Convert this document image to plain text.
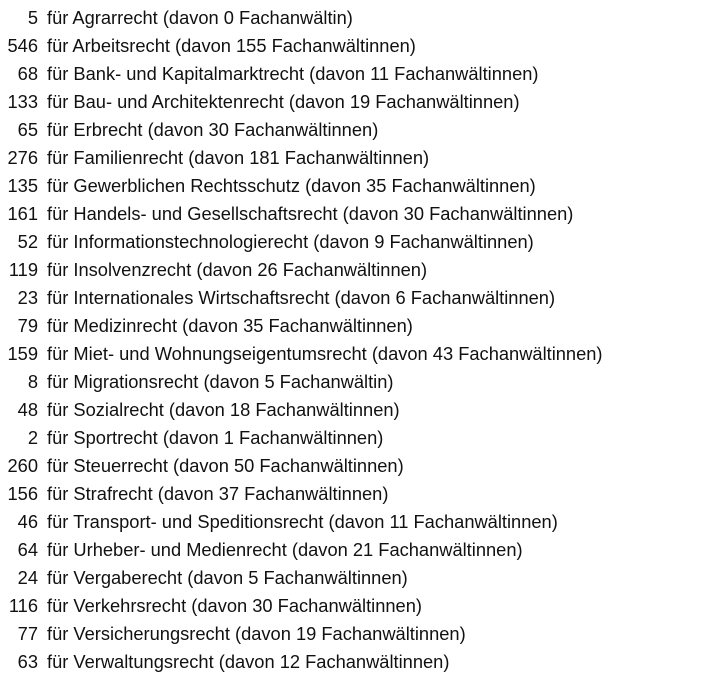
5 für Agrarrecht (davon 0 Fachanwältin)
546 für Arbeitsrecht (davon 155 Fachanwältinnen)
68 für Bank- und Kapitalmarktrecht (davon 11 Fachanwältinnen)
133 für Bau- und Architektenrecht (davon 19 Fachanwältinnen)
65 für Erbrecht (davon 30 Fachanwältinnen)
276 für Familienrecht (davon 181 Fachanwältinnen)
135 für Gewerblichen Rechtsschutz (davon 35 Fachanwältinnen)
161 für Handels- und Gesellschaftsrecht (davon 30 Fachanwältinnen)
52 für Informationstechnologierecht (davon 9 Fachanwältinnen)
119 für Insolvenzrecht (davon 26 Fachanwältinnen)
23 für Internationales Wirtschaftsrecht (davon 6 Fachanwältinnen)
79 für Medizinrecht (davon 35 Fachanwältinnen)
159 für Miet- und Wohnungseigentumsrecht (davon 43 Fachanwältinnen)
8 für Migrationsrecht (davon 5 Fachanwältin)
48 für Sozialrecht (davon 18 Fachanwältinnen)
2 für Sportrecht (davon 1 Fachanwältinnen)
260 für Steuerrecht (davon 50 Fachanwältinnen)
156 für Strafrecht (davon 37 Fachanwältinnen)
46 für Transport- und Speditionsrecht (davon 11 Fachanwältinnen)
64 für Urheber- und Medienrecht (davon 21 Fachanwältinnen)
24 für Vergaberecht (davon 5 Fachanwältinnen)
116 für Verkehrsrecht (davon 30 Fachanwältinnen)
77 für Versicherungsrecht (davon 19 Fachanwältinnen)
63 für Verwaltungsrecht (davon 12 Fachanwältinnen)
